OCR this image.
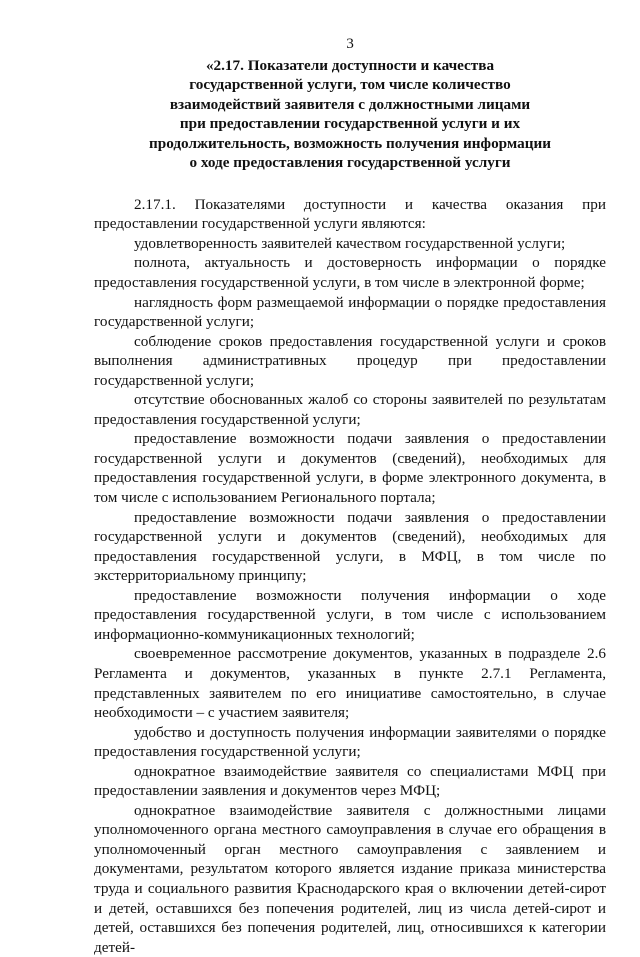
3
«2.17. Показатели доступности и качества
государственной услуги, том числе количество
взаимодействий заявителя с должностными лицами
при предоставлении государственной услуги и их
продолжительность, возможность получения информации
о ходе предоставления государственной услуги

2.17.1. Показателями доступности и качества оказания при предоставлении государственной услуги являются:

удовлетворенность заявителей качеством государственной услуги;

полнота, актуальность и достоверность информации о порядке предоставления государственной услуги, в том числе в электронной форме;

наглядность форм размещаемой информации о порядке предоставления государственной услуги;

соблюдение сроков предоставления государственной услуги и сроков выполнения административных процедур при предоставлении государственной услуги;

отсутствие обоснованных жалоб со стороны заявителей по результатам предоставления государственной услуги;

предоставление возможности подачи заявления о предоставлении государственной услуги и документов (сведений), необходимых для предоставления государственной услуги, в форме электронного документа, в том числе с использованием Регионального портала;

предоставление возможности подачи заявления о предоставлении государственной услуги и документов (сведений), необходимых для предоставления государственной услуги, в МФЦ, в том числе по экстерриториальному принципу;

предоставление возможности получения информации о ходе предоставления государственной услуги, в том числе с использованием информационно-коммуникационных технологий;

своевременное рассмотрение документов, указанных в подразделе 2.6 Регламента и документов, указанных в пункте 2.7.1 Регламента, представленных заявителем по его инициативе самостоятельно, в случае необходимости – с участием заявителя;

удобство и доступность получения информации заявителями о порядке предоставления государственной услуги;

однократное взаимодействие заявителя со специалистами МФЦ при предоставлении заявления и документов через МФЦ;

однократное взаимодействие заявителя с должностными лицами уполномоченного органа местного самоуправления в случае его обращения в уполномоченный орган местного самоуправления с заявлением и документами, результатом которого является издание приказа министерства труда и социального развития Краснодарского края о включении детей-сирот и детей, оставшихся без попечения родителей, лиц из числа детей-сирот и детей, оставшихся без попечения родителей, лиц, относившихся к категории детей-
